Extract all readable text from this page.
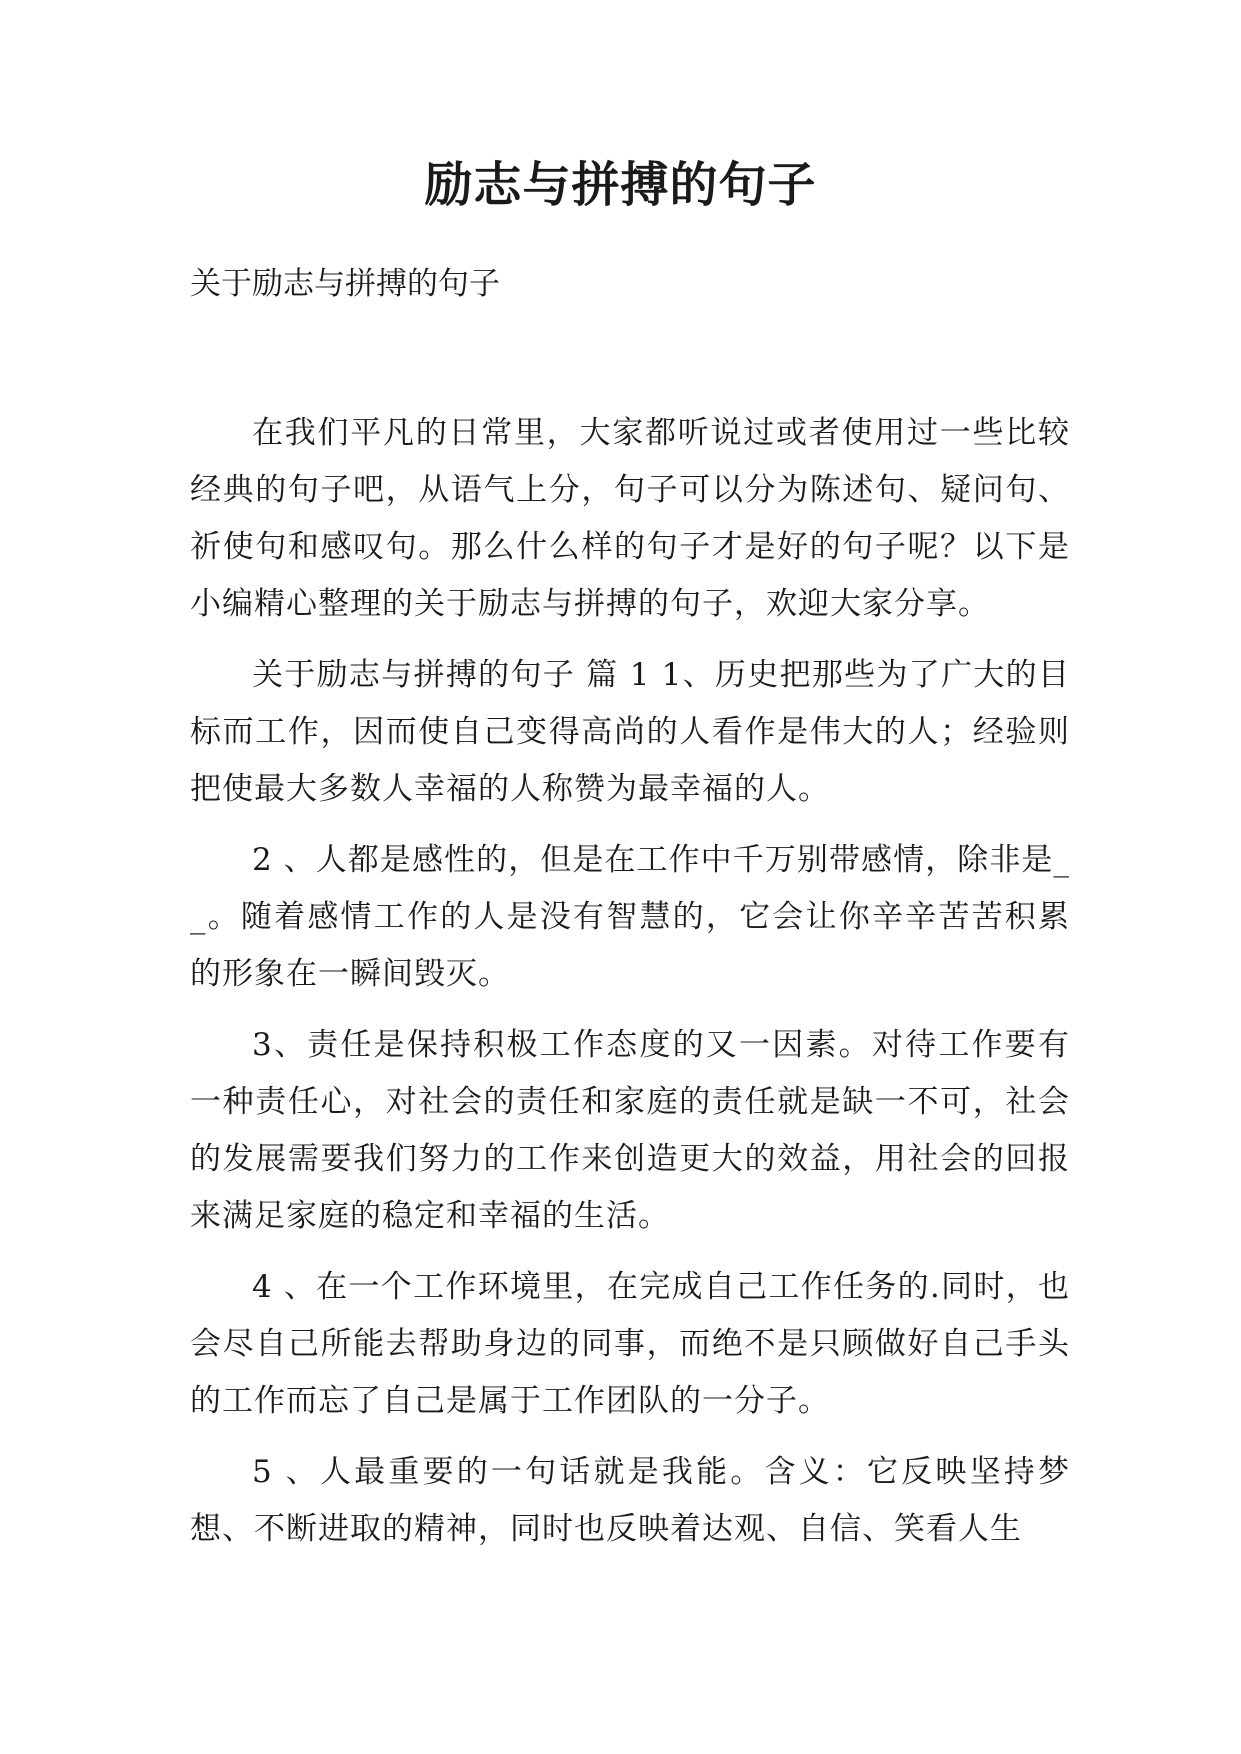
励志与拼搏的句子

关于励志与拼搏的句子

在我们平凡的日常里，大家都听说过或者使用过一些比较经典的句子吧，从语气上分，句子可以分为陈述句、疑问句、祈使句和感叹句。那么什么样的句子才是好的句子呢？以下是小编精心整理的关于励志与拼搏的句子，欢迎大家分享。

关于励志与拼搏的句子 篇 1 1、历史把那些为了广大的目标而工作，因而使自己变得高尚的人看作是伟大的人；经验则把使最大多数人幸福的人称赞为最幸福的人。

2 、人都是感性的，但是在工作中千万别带感情，除非是__。随着感情工作的人是没有智慧的，它会让你辛辛苦苦积累的形象在一瞬间毁灭。

3、责任是保持积极工作态度的又一因素。对待工作要有一种责任心，对社会的责任和家庭的责任就是缺一不可，社会的发展需要我们努力的工作来创造更大的效益，用社会的回报来满足家庭的稳定和幸福的生活。

4 、在一个工作环境里，在完成自己工作任务的.同时，也会尽自己所能去帮助身边的同事，而绝不是只顾做好自己手头的工作而忘了自己是属于工作团队的一分子。

5 、人最重要的一句话就是我能。含义：它反映坚持梦想、不断进取的精神，同时也反映着达观、自信、笑看人生
